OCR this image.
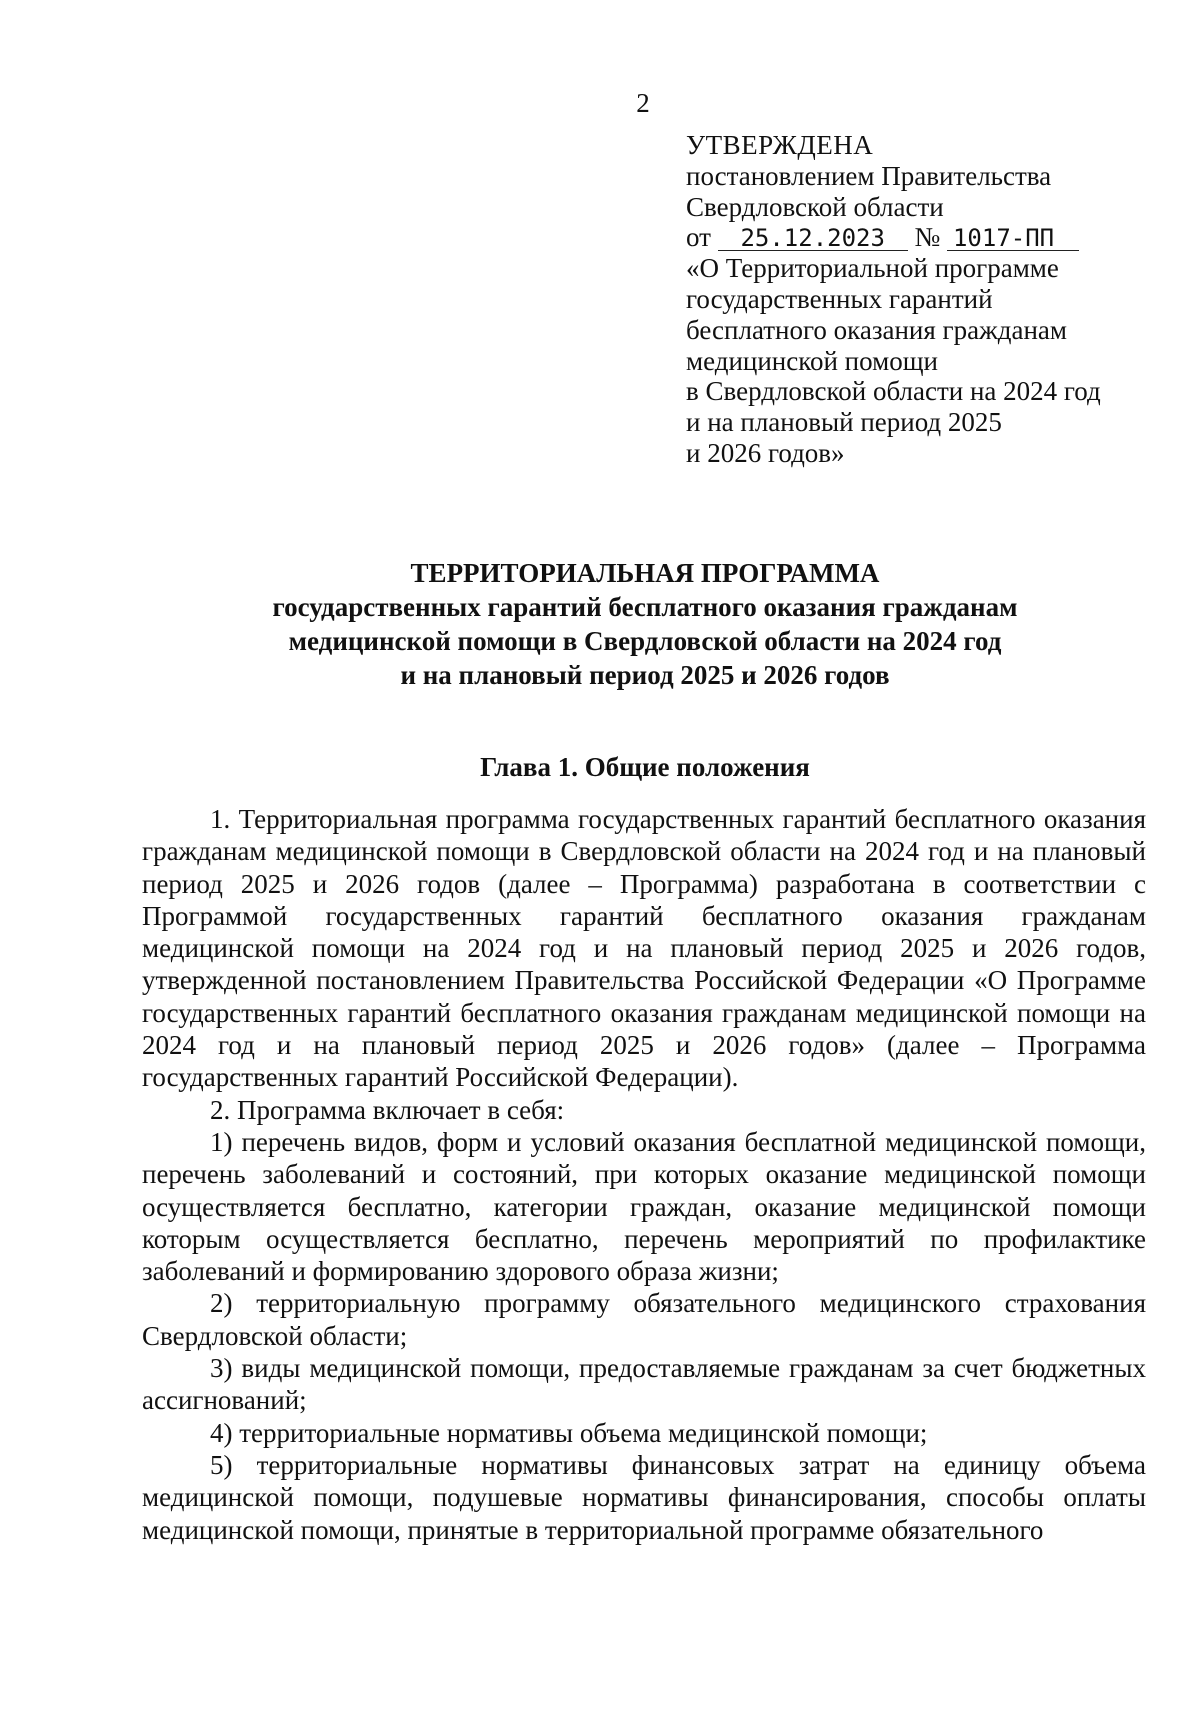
2
УТВЕРЖДЕНА
постановлением Правительства
Свердловской области
от 25.12.2023 № 1017-ПП
«О Территориальной программе
государственных гарантий
бесплатного оказания гражданам
медицинской помощи
в Свердловской области на 2024 год
и на плановый период 2025
и 2026 годов»
ТЕРРИТОРИАЛЬНАЯ ПРОГРАММА
государственных гарантий бесплатного оказания гражданам
медицинской помощи в Свердловской области на 2024 год
и на плановый период 2025 и 2026 годов
Глава 1. Общие положения

1. Территориальная программа государственных гарантий бесплатного оказания гражданам медицинской помощи в Свердловской области на 2024 год и на плановый период 2025 и 2026 годов (далее – Программа) разработана в соответствии с Программой государственных гарантий бесплатного оказания гражданам медицинской помощи на 2024 год и на плановый период 2025 и 2026 годов, утвержденной постановлением Правительства Российской Федерации «О Программе государственных гарантий бесплатного оказания гражданам медицинской помощи на 2024 год и на плановый период 2025 и 2026 годов» (далее – Программа государственных гарантий Российской Федерации).

2. Программа включает в себя:

1) перечень видов, форм и условий оказания бесплатной медицинской помощи, перечень заболеваний и состояний, при которых оказание медицинской помощи осуществляется бесплатно, категории граждан, оказание медицинской помощи которым осуществляется бесплатно, перечень мероприятий по профилактике заболеваний и формированию здорового образа жизни;

2) территориальную программу обязательного медицинского страхования Свердловской области;

3) виды медицинской помощи, предоставляемые гражданам за счет бюджетных ассигнований;

4) территориальные нормативы объема медицинской помощи;

5) территориальные нормативы финансовых затрат на единицу объема медицинской помощи, подушевые нормативы финансирования, способы оплаты медицинской помощи, принятые в территориальной программе обязательного
